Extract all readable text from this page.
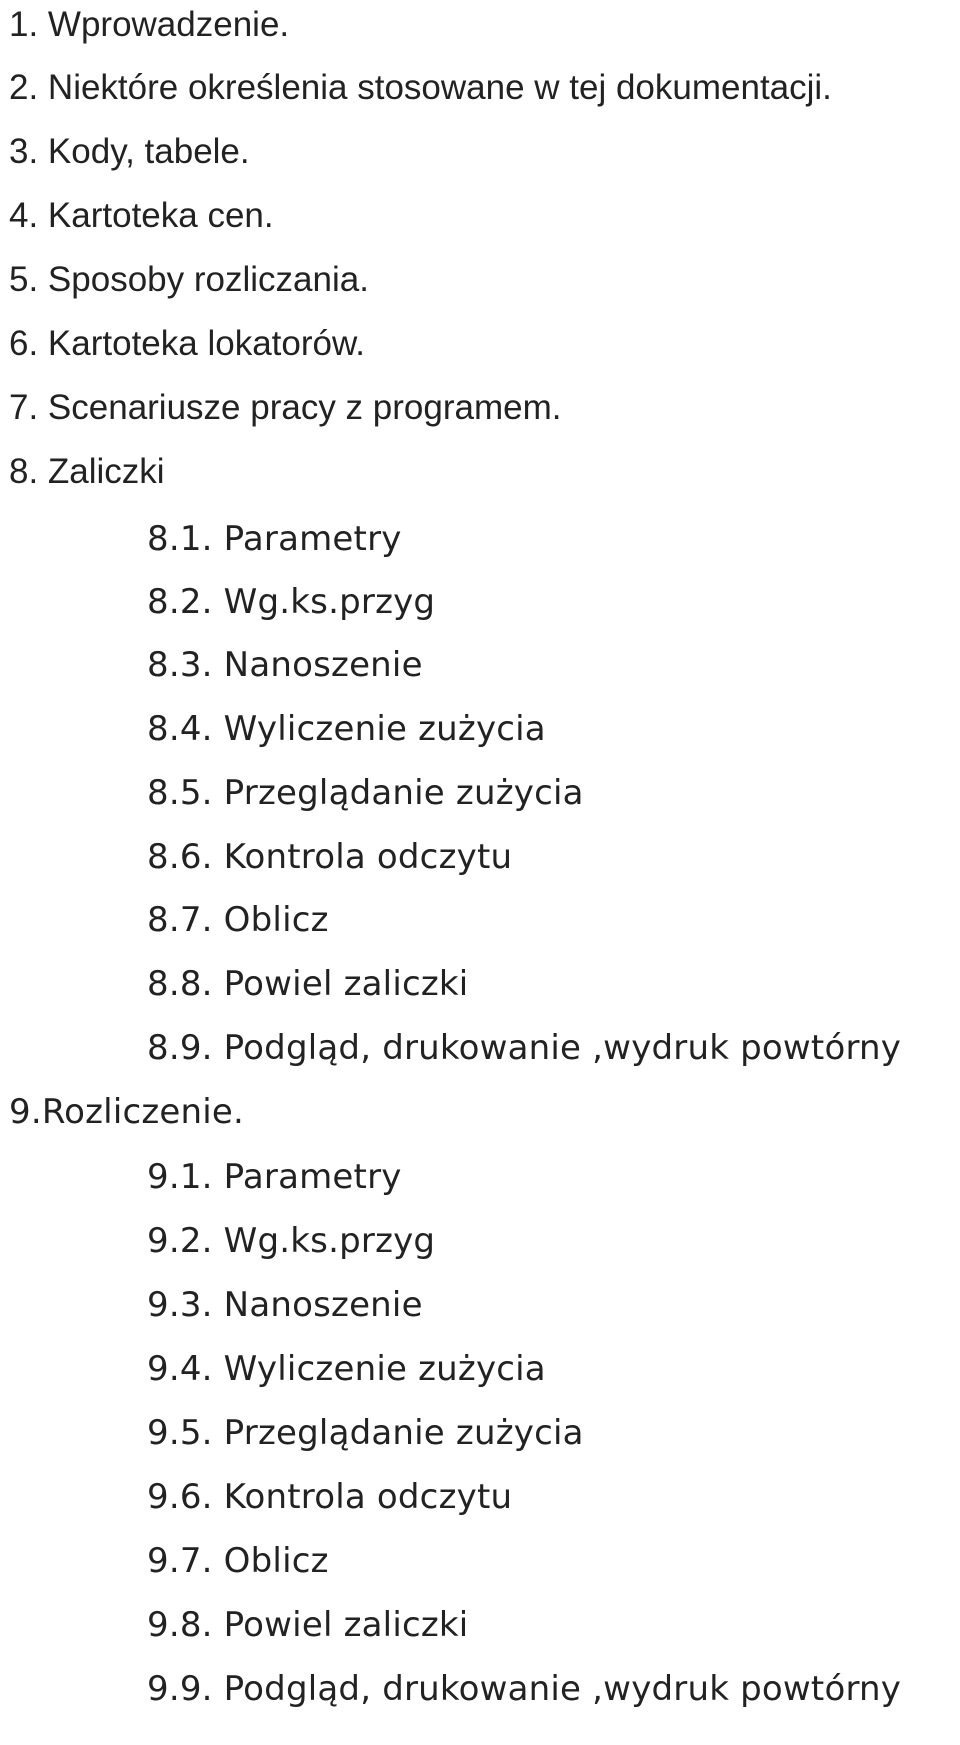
1. Wprowadzenie.
2. Niektóre określenia stosowane w tej dokumentacji.
3. Kody, tabele.
4. Kartoteka cen.
5. Sposoby rozliczania.
6. Kartoteka lokatorów.
7. Scenariusze pracy z programem.
8. Zaliczki
8.1. Parametry
8.2. Wg.ks.przyg
8.3. Nanoszenie
8.4. Wyliczenie zużycia
8.5. Przeglądanie zużycia
8.6. Kontrola odczytu
8.7. Oblicz
8.8. Powiel zaliczki
8.9. Podgląd, drukowanie ,wydruk powtórny
9.Rozliczenie.
9.1. Parametry
9.2. Wg.ks.przyg
9.3. Nanoszenie
9.4. Wyliczenie zużycia
9.5. Przeglądanie zużycia
9.6. Kontrola odczytu
9.7. Oblicz
9.8. Powiel zaliczki
9.9. Podgląd, drukowanie ,wydruk powtórny
